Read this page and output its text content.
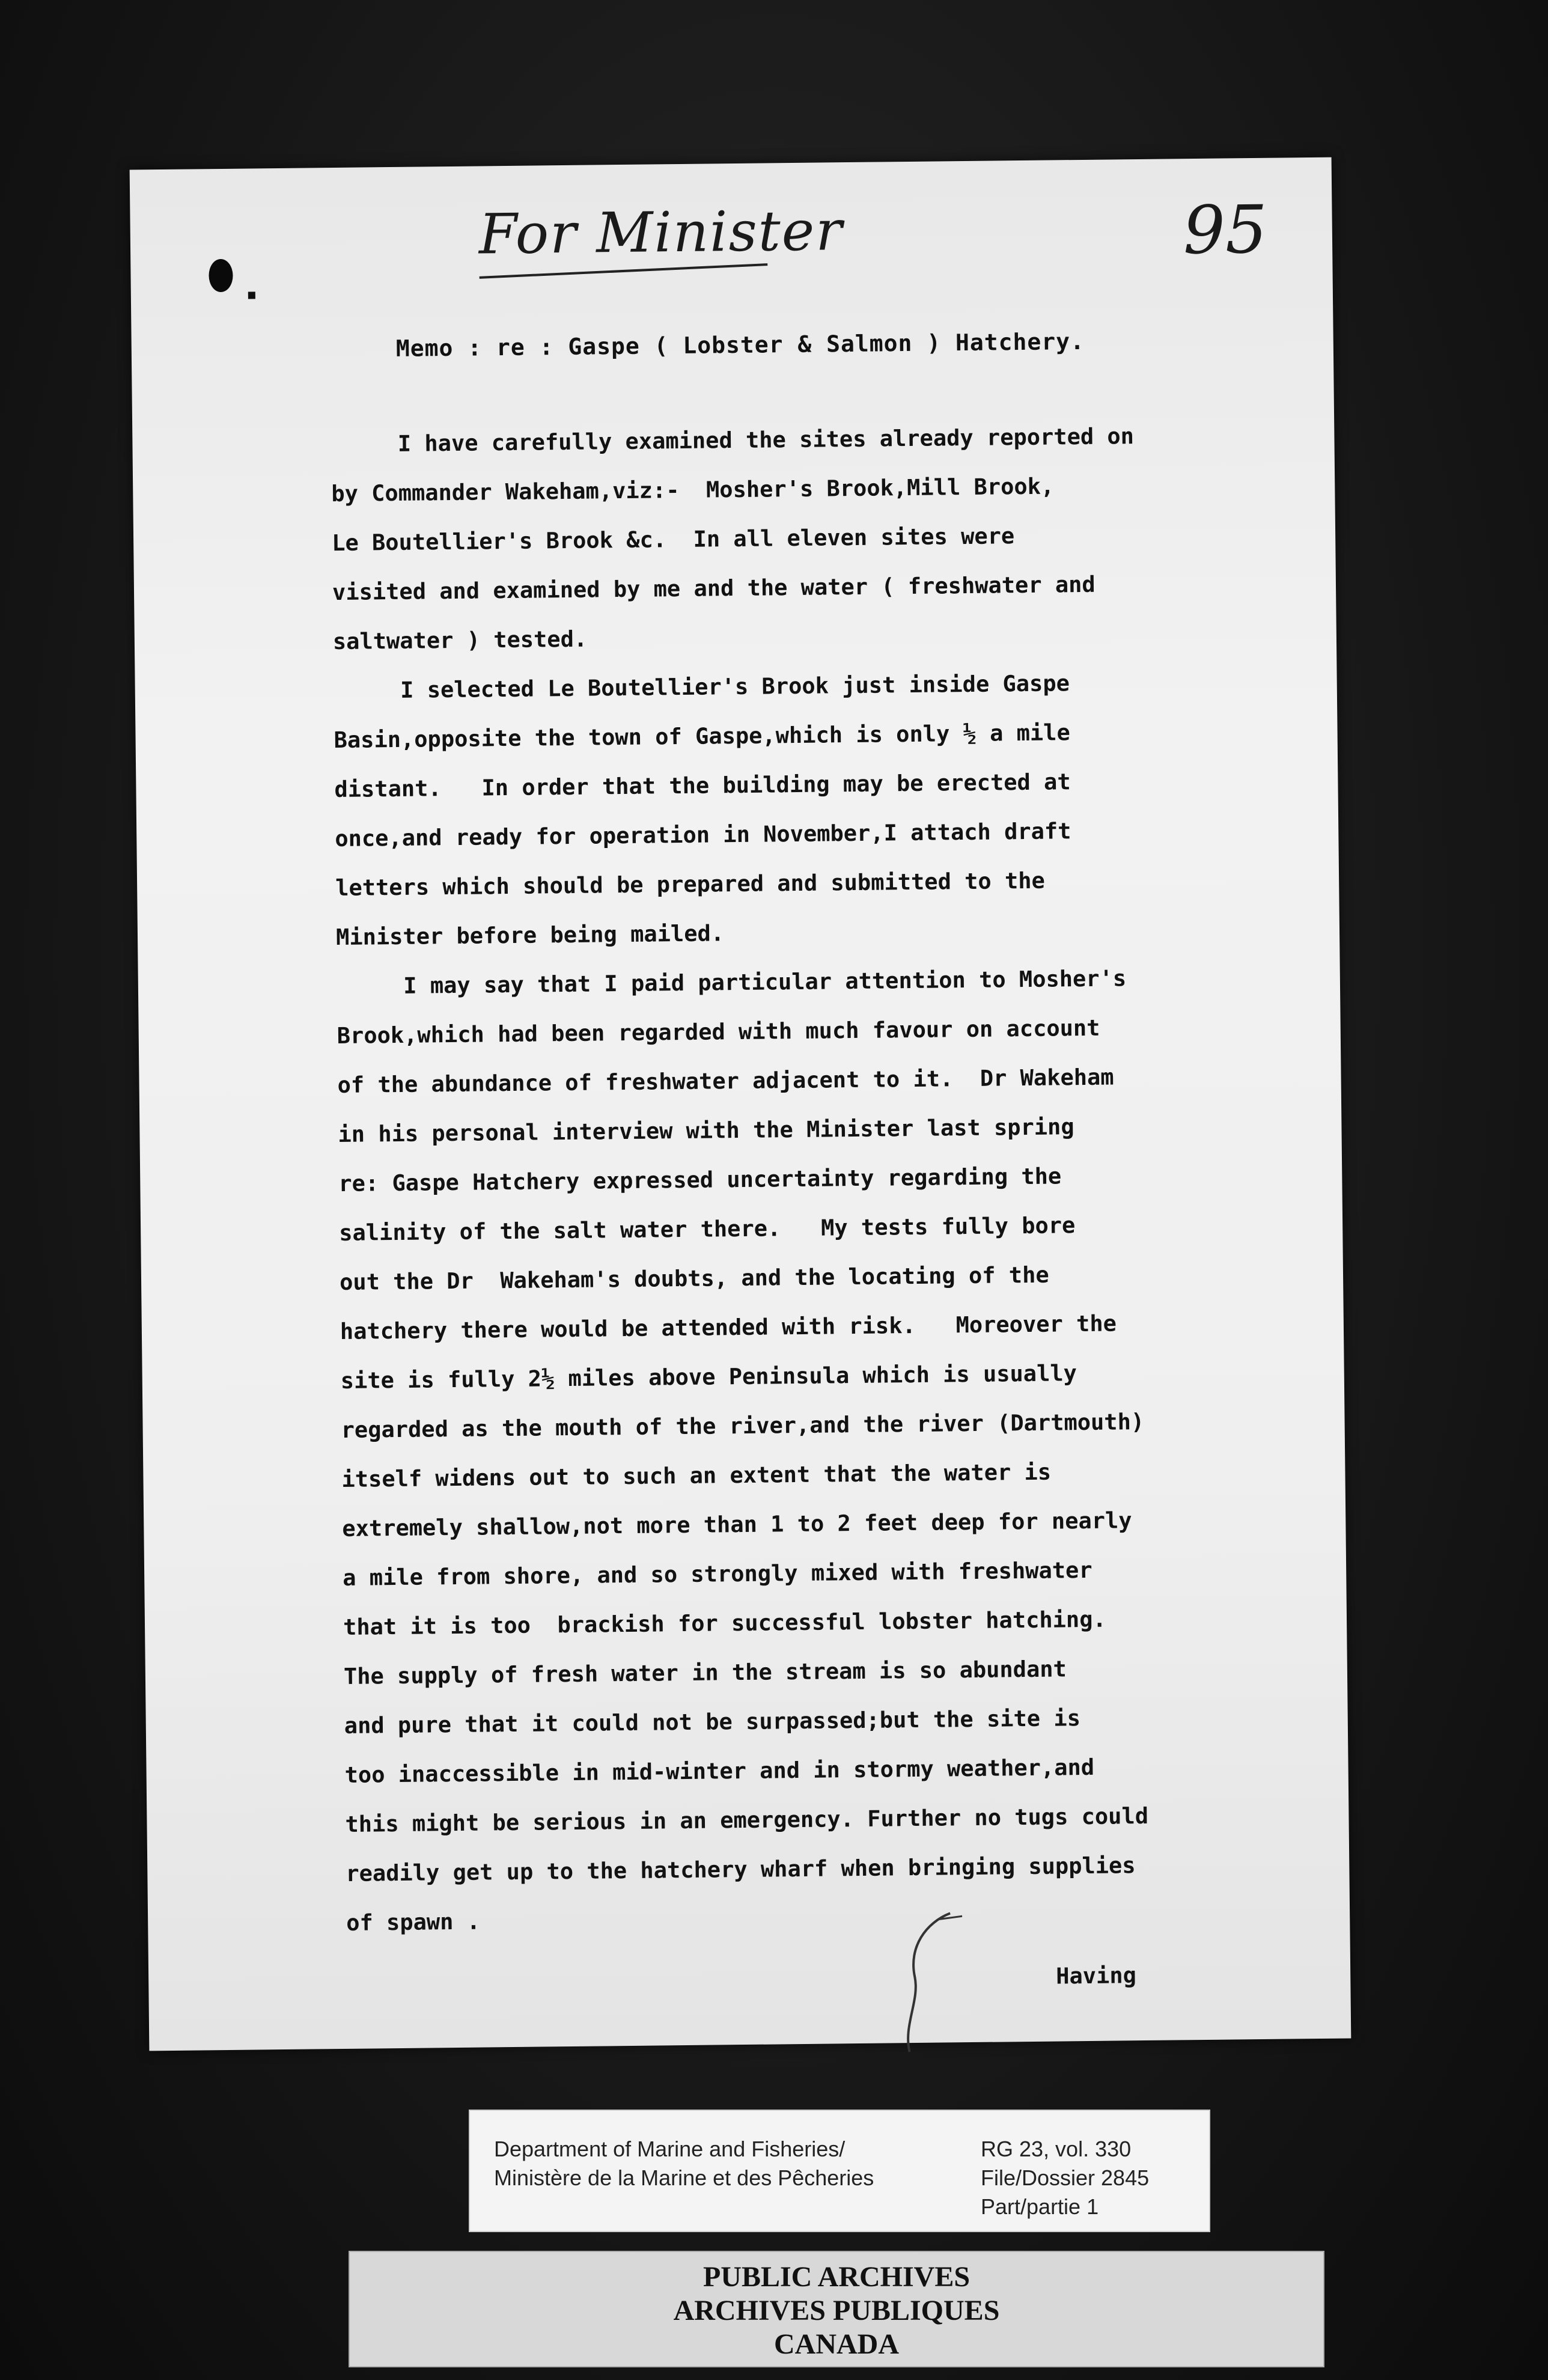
For Minister	95
Memo : re : Gaspe ( Lobster & Salmon ) Hatchery.

I have carefully examined the sites already reported on

by Commander Wakeham,viz:-  Mosher's Brook,Mill Brook,

Le Boutellier's Brook &c.  In all eleven sites were

visited and examined by me and the water ( freshwater and

saltwater ) tested.

I selected Le Boutellier's Brook just inside Gaspe

Basin,opposite the town of Gaspe,which is only ½ a mile

distant.   In order that the building may be erected at

once,and ready for operation in November,I attach draft

letters which should be prepared and submitted to the

Minister before being mailed.

I may say that I paid particular attention to Mosher's

Brook,which had been regarded with much favour on account

of the abundance of freshwater adjacent to it.  Dr Wakeham

in his personal interview with the Minister last spring

re: Gaspe Hatchery expressed uncertainty regarding the

salinity of the salt water there.   My tests fully bore

out the Dr  Wakeham's doubts, and the locating of the

hatchery there would be attended with risk.   Moreover the

site is fully 2½ miles above Peninsula which is usually

regarded as the mouth of the river,and the river (Dartmouth)

itself widens out to such an extent that the water is

extremely shallow,not more than 1 to 2 feet deep for nearly

a mile from shore, and so strongly mixed with freshwater

that it is too  brackish for successful lobster hatching.

The supply of fresh water in the stream is so abundant

and pure that it could not be surpassed;but the site is

too inaccessible in mid-winter and in stormy weather,and

this might be serious in an emergency. Further no tugs could

readily get up to the hatchery wharf when bringing supplies

of spawn .

Having
Department of Marine and Fisheries/
Ministère de la Marine et des Pêcheries
RG 23, vol. 330
File/Dossier 2845
Part/partie 1
PUBLIC ARCHIVES
ARCHIVES PUBLIQUES
CANADA
